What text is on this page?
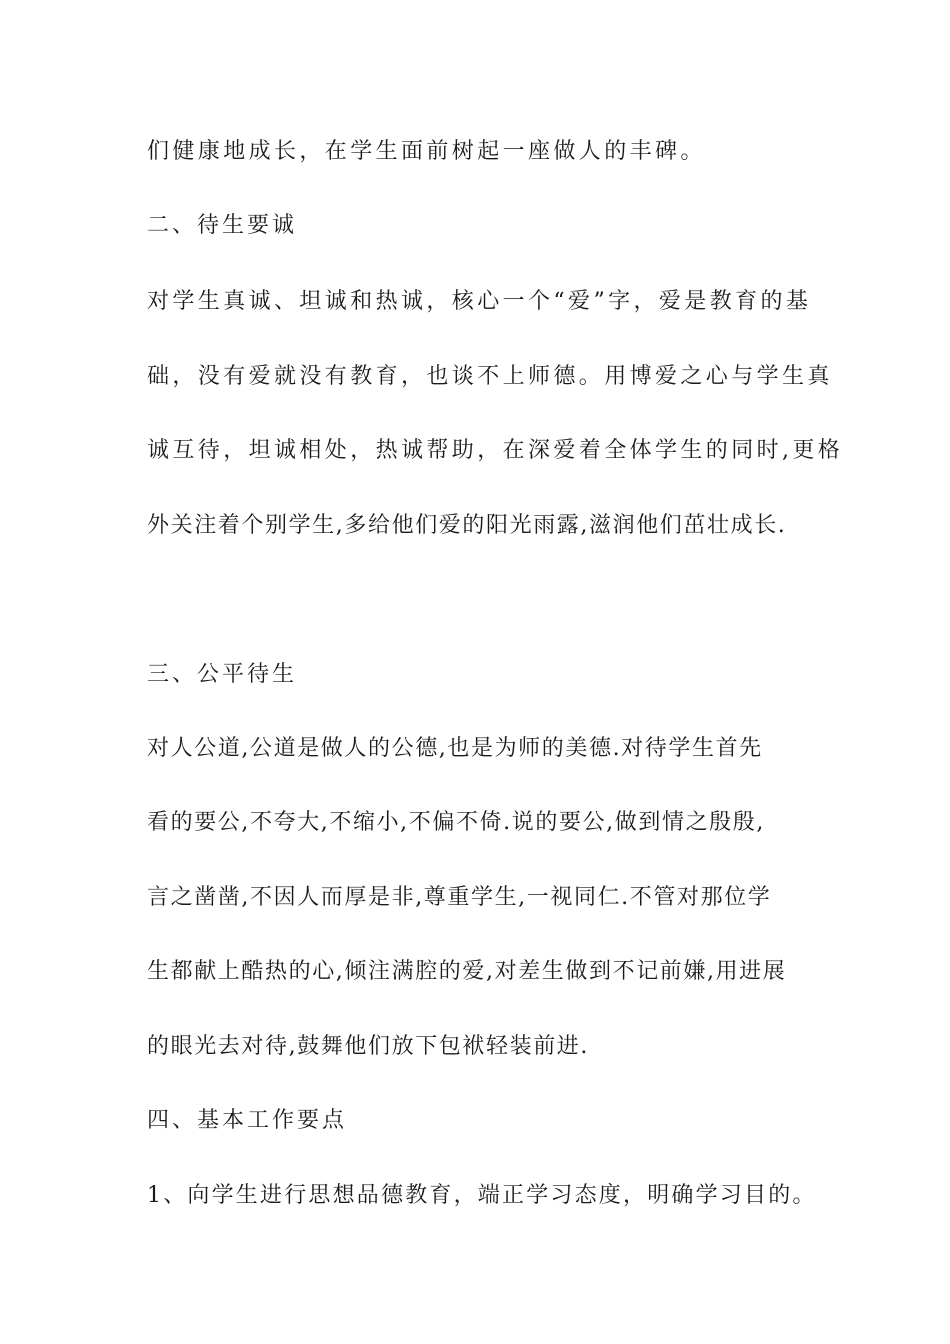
们健康地成长，在学生面前树起一座做人的丰碑。
二、待生要诚
对学生真诚、坦诚和热诚，核心一个“爱”字，爱是教育的基
础，没有爱就没有教育，也谈不上师德。用博爱之心与学生真
诚互待，坦诚相处，热诚帮助，在深爱着全体学生的同时,更格
外关注着个别学生,多给他们爱的阳光雨露,滋润他们茁壮成长.
三、公平待生
对人公道,公道是做人的公德,也是为师的美德.对待学生首先
看的要公,不夸大,不缩小,不偏不倚.说的要公,做到情之殷殷,
言之凿凿,不因人而厚是非,尊重学生,一视同仁.不管对那位学
生都献上酷热的心,倾注满腔的爱,对差生做到不记前嫌,用进展
的眼光去对待,鼓舞他们放下包袱轻装前进.
四、基本工作要点
1、向学生进行思想品德教育，端正学习态度，明确学习目的。
